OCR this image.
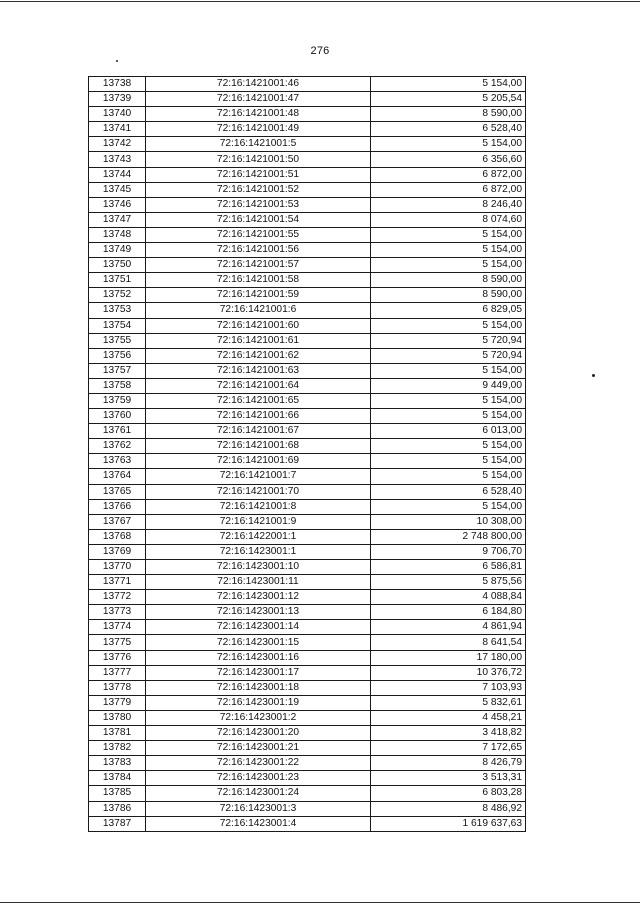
276
13738	72:16:1421001:46	5 154,00
13739	72:16:1421001:47	5 205,54
13740	72:16:1421001:48	8 590,00
13741	72:16:1421001:49	6 528,40
13742	72:16:1421001:5	5 154,00
13743	72:16:1421001:50	6 356,60
13744	72:16:1421001:51	6 872,00
13745	72:16:1421001:52	6 872,00
13746	72:16:1421001:53	8 246,40
13747	72:16:1421001:54	8 074,60
13748	72:16:1421001:55	5 154,00
13749	72:16:1421001:56	5 154,00
13750	72:16:1421001:57	5 154,00
13751	72:16:1421001:58	8 590,00
13752	72:16:1421001:59	8 590,00
13753	72:16:1421001:6	6 829,05
13754	72:16:1421001:60	5 154,00
13755	72:16:1421001:61	5 720,94
13756	72:16:1421001:62	5 720,94
13757	72:16:1421001:63	5 154,00
13758	72:16:1421001:64	9 449,00
13759	72:16:1421001:65	5 154,00
13760	72:16:1421001:66	5 154,00
13761	72:16:1421001:67	6 013,00
13762	72:16:1421001:68	5 154,00
13763	72:16:1421001:69	5 154,00
13764	72:16:1421001:7	5 154,00
13765	72:16:1421001:70	6 528,40
13766	72:16:1421001:8	5 154,00
13767	72:16:1421001:9	10 308,00
13768	72:16:1422001:1	2 748 800,00
13769	72:16:1423001:1	9 706,70
13770	72:16:1423001:10	6 586,81
13771	72:16:1423001:11	5 875,56
13772	72:16:1423001:12	4 088,84
13773	72:16:1423001:13	6 184,80
13774	72:16:1423001:14	4 861,94
13775	72:16:1423001:15	8 641,54
13776	72:16:1423001:16	17 180,00
13777	72:16:1423001:17	10 376,72
13778	72:16:1423001:18	7 103,93
13779	72:16:1423001:19	5 832,61
13780	72:16:1423001:2	4 458,21
13781	72:16:1423001:20	3 418,82
13782	72:16:1423001:21	7 172,65
13783	72:16:1423001:22	8 426,79
13784	72:16:1423001:23	3 513,31
13785	72:16:1423001:24	6 803,28
13786	72:16:1423001:3	8 486,92
13787	72:16:1423001:4	1 619 637,63
